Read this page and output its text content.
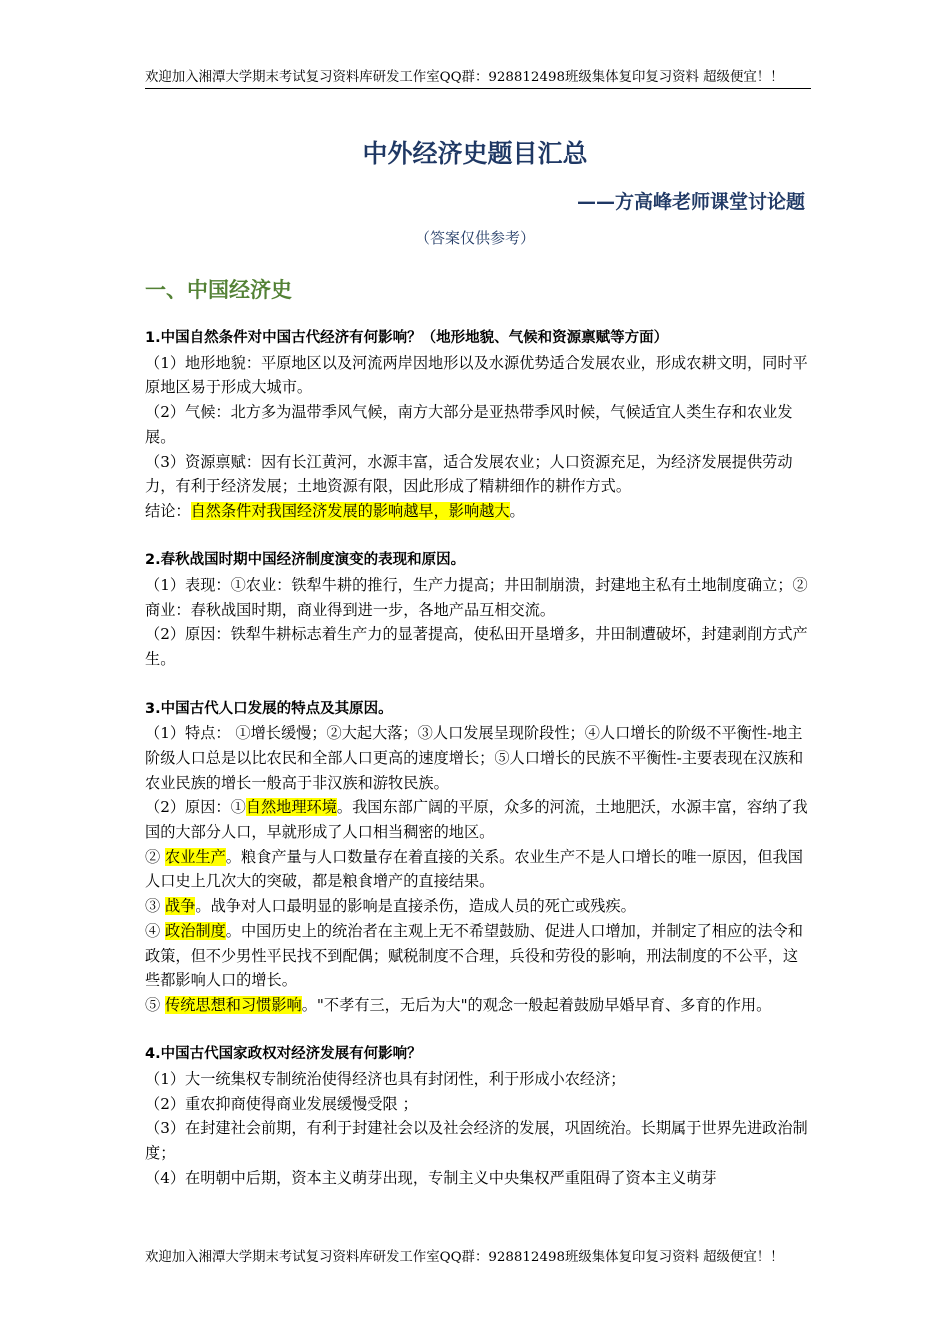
欢迎加入湘潭大学期末考试复习资料库研发工作室QQ群：928812498班级集体复印复习资料 超级便宜！！
中外经济史题目汇总
——方高峰老师课堂讨论题
（答案仅供参考）
一、中国经济史

1.中国自然条件对中国古代经济有何影响？（地形地貌、气候和资源禀赋等方面）

（1）地形地貌：平原地区以及河流两岸因地形以及水源优势适合发展农业，形成农耕文明，同时平原地区易于形成大城市。

（2）气候：北方多为温带季风气候，南方大部分是亚热带季风时候，气候适宜人类生存和农业发展。

（3）资源禀赋：因有长江黄河，水源丰富，适合发展农业；人口资源充足，为经济发展提供劳动力，有利于经济发展；土地资源有限，因此形成了精耕细作的耕作方式。

结论：自然条件对我国经济发展的影响越早，影响越大。

2.春秋战国时期中国经济制度演变的表现和原因。

（1）表现：①农业：铁犁牛耕的推行，生产力提高；井田制崩溃，封建地主私有土地制度确立；②商业：春秋战国时期，商业得到进一步，各地产品互相交流。

（2）原因：铁犁牛耕标志着生产力的显著提高，使私田开垦增多，井田制遭破坏，封建剥削方式产生。

3.中国古代人口发展的特点及其原因。

（1）特点： ①增长缓慢；②大起大落；③人口发展呈现阶段性；④人口增长的阶级不平衡性-地主阶级人口总是以比农民和全部人口更高的速度增长；⑤人口增长的民族不平衡性-主要表现在汉族和农业民族的增长一般高于非汉族和游牧民族。

（2）原因：①自然地理环境。我国东部广阔的平原，众多的河流，土地肥沃，水源丰富，容纳了我国的大部分人口，早就形成了人口相当稠密的地区。

② 农业生产。粮食产量与人口数量存在着直接的关系。农业生产不是人口增长的唯一原因，但我国人口史上几次大的突破，都是粮食增产的直接结果。

③ 战争。战争对人口最明显的影响是直接杀伤，造成人员的死亡或残疾。

④ 政治制度。中国历史上的统治者在主观上无不希望鼓励、促进人口增加，并制定了相应的法令和政策，但不少男性平民找不到配偶；赋税制度不合理，兵役和劳役的影响，刑法制度的不公平，这些都影响人口的增长。

⑤ 传统思想和习惯影响。"不孝有三，无后为大"的观念一般起着鼓励早婚早育、多育的作用。

4.中国古代国家政权对经济发展有何影响？

（1）大一统集权专制统治使得经济也具有封闭性，利于形成小农经济；

（2）重农抑商使得商业发展缓慢受限 ；

（3）在封建社会前期，有利于封建社会以及社会经济的发展，巩固统治。长期属于世界先进政治制度；

（4）在明朝中后期，资本主义萌芽出现，专制主义中央集权严重阻碍了资本主义萌芽

欢迎加入湘潭大学期末考试复习资料库研发工作室QQ群：928812498班级集体复印复习资料 超级便宜！！
